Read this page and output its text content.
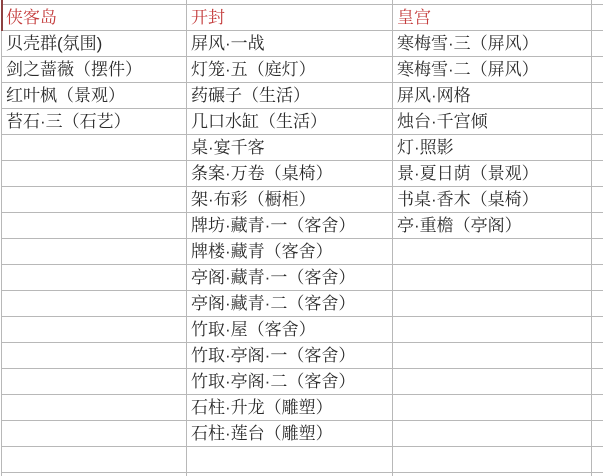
侠客岛
贝壳群(氛围)
剑之蔷薇（摆件）
红叶枫（景观）
苔石·三（石艺）
开封
屏风·一战
灯笼·五（庭灯）
药碾子（生活）
几口水缸（生活）
桌·宴千客
条案·万卷（桌椅）
架·布彩（橱柜）
牌坊·藏青·一（客舍）
牌楼·藏青（客舍）
亭阁·藏青·一（客舍）
亭阁·藏青·二（客舍）
竹取·屋（客舍）
竹取·亭阁·一（客舍）
竹取·亭阁·二（客舍）
石柱·升龙（雕塑）
石柱·莲台（雕塑）
皇宫
寒梅雪·三（屏风）
寒梅雪·二（屏风）
屏风·网格
烛台·千宫倾
灯·照影
景·夏日荫（景观）
书桌·香木（桌椅）
亭·重檐（亭阁）
